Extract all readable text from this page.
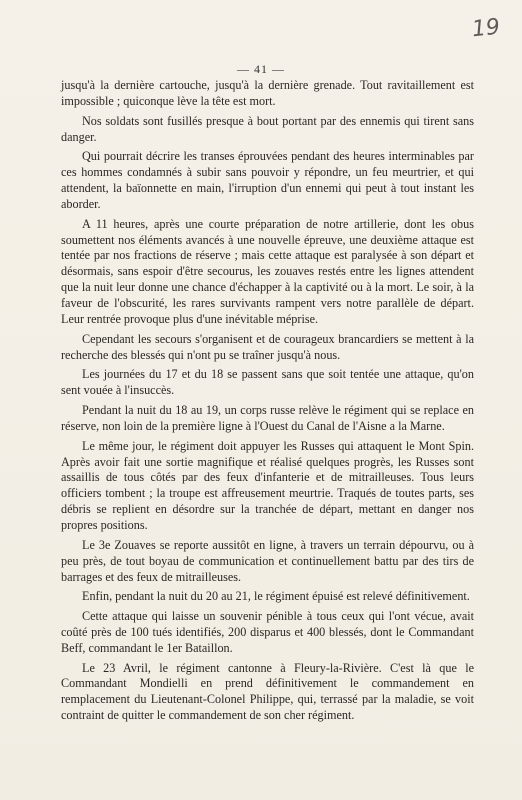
19
— 41 —

jusqu'à la dernière cartouche, jusqu'à la dernière grenade. Tout ravitaillement est impossible ; quiconque lève la tête est mort.

Nos soldats sont fusillés presque à bout portant par des ennemis qui tirent sans danger.

Qui pourrait décrire les transes éprouvées pendant des heures interminables par ces hommes condamnés à subir sans pouvoir y répondre, un feu meurtrier, et qui attendent, la baïonnette en main, l'irruption d'un ennemi qui peut à tout instant les aborder.

A 11 heures, après une courte préparation de notre artillerie, dont les obus soumettent nos éléments avancés à une nouvelle épreuve, une deuxième attaque est tentée par nos fractions de réserve ; mais cette attaque est paralysée à son départ et désormais, sans espoir d'être secourus, les zouaves restés entre les lignes attendent que la nuit leur donne une chance d'échapper à la captivité ou à la mort. Le soir, à la faveur de l'obscurité, les rares survivants rampent vers notre parallèle de départ. Leur rentrée provoque plus d'une inévitable méprise.

Cependant les secours s'organisent et de courageux brancardiers se mettent à la recherche des blessés qui n'ont pu se traîner jusqu'à nous.

Les journées du 17 et du 18 se passent sans que soit tentée une attaque, qu'on sent vouée à l'insuccès.

Pendant la nuit du 18 au 19, un corps russe relève le régiment qui se replace en réserve, non loin de la première ligne à l'Ouest du Canal de l'Aisne a la Marne.

Le même jour, le régiment doit appuyer les Russes qui attaquent le Mont Spin. Après avoir fait une sortie magnifique et réalisé quelques progrès, les Russes sont assaillis de tous côtés par des feux d'infanterie et de mitrailleuses. Tous leurs officiers tombent ; la troupe est affreusement meurtrie. Traqués de toutes parts, ses débris se replient en désordre sur la tranchée de départ, mettant en danger nos propres positions.

Le 3e Zouaves se reporte aussitôt en ligne, à travers un terrain dépourvu, ou à peu près, de tout boyau de communication et continuellement battu par des tirs de barrages et des feux de mitrailleuses.

Enfin, pendant la nuit du 20 au 21, le régiment épuisé est relevé définitivement.

Cette attaque qui laisse un souvenir pénible à tous ceux qui l'ont vécue, avait coûté près de 100 tués identifiés, 200 disparus et 400 blessés, dont le Commandant Beff, commandant le 1er Bataillon.

Le 23 Avril, le régiment cantonne à Fleury-la-Rivière. C'est là que le Commandant Mondielli en prend définitivement le commandement en remplacement du Lieutenant-Colonel Philippe, qui, terrassé par la maladie, se voit contraint de quitter le commandement de son cher régiment.
